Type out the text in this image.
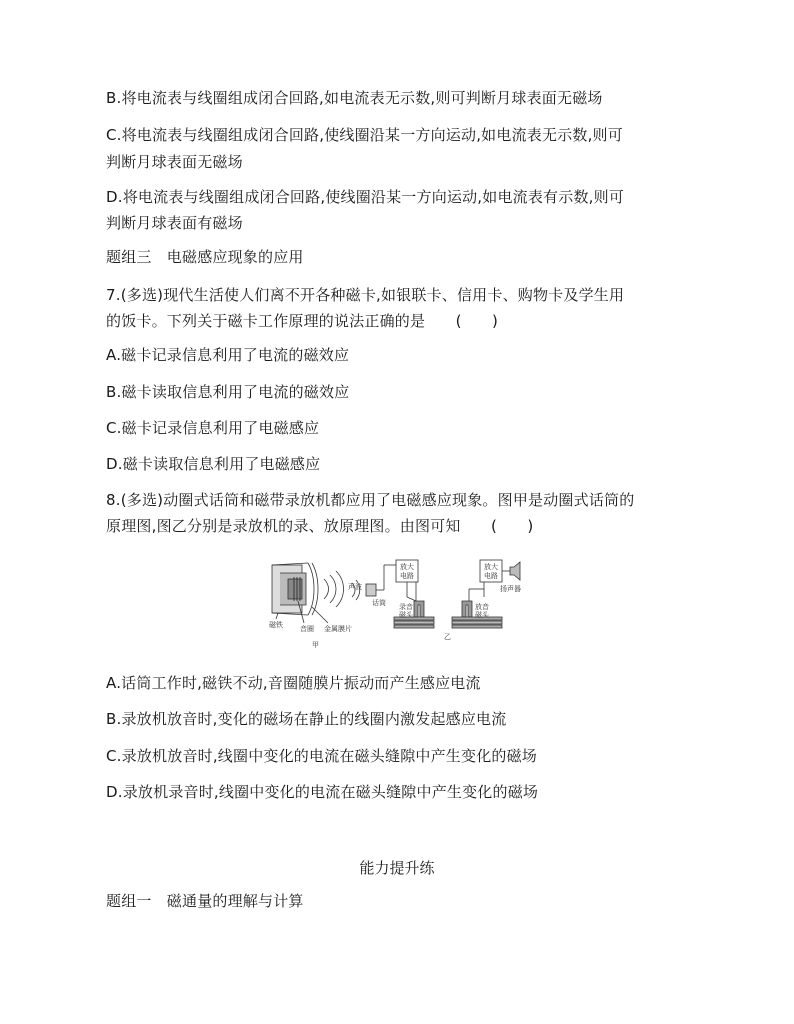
B.将电流表与线圈组成闭合回路,如电流表无示数,则可判断月球表面无磁场
C.将电流表与线圈组成闭合回路,使线圈沿某一方向运动,如电流表无示数,则可
判断月球表面无磁场
D.将电流表与线圈组成闭合回路,使线圈沿某一方向运动,如电流表有示数,则可
判断月球表面有磁场
题组三　电磁感应现象的应用
7.(多选)现代生活使人们离不开各种磁卡,如银联卡、信用卡、购物卡及学生用
的饭卡。下列关于磁卡工作原理的说法正确的是　　(　　)
A.磁卡记录信息利用了电流的磁效应
B.磁卡读取信息利用了电流的磁效应
C.磁卡记录信息利用了电磁感应
D.磁卡读取信息利用了电磁感应
8.(多选)动圈式话筒和磁带录放机都应用了电磁感应现象。图甲是动圈式话筒的
原理图,图乙分别是录放机的录、放原理图。由图可知　　(　　)
磁铁 音圈 金属膜片
甲
声波
话筒
放大
电路
录音
磁头
放大
电路
扬声器
放音
磁头
乙
A.话筒工作时,磁铁不动,音圈随膜片振动而产生感应电流
B.录放机放音时,变化的磁场在静止的线圈内激发起感应电流
C.录放机放音时,线圈中变化的电流在磁头缝隙中产生变化的磁场
D.录放机录音时,线圈中变化的电流在磁头缝隙中产生变化的磁场
能力提升练
题组一　磁通量的理解与计算
